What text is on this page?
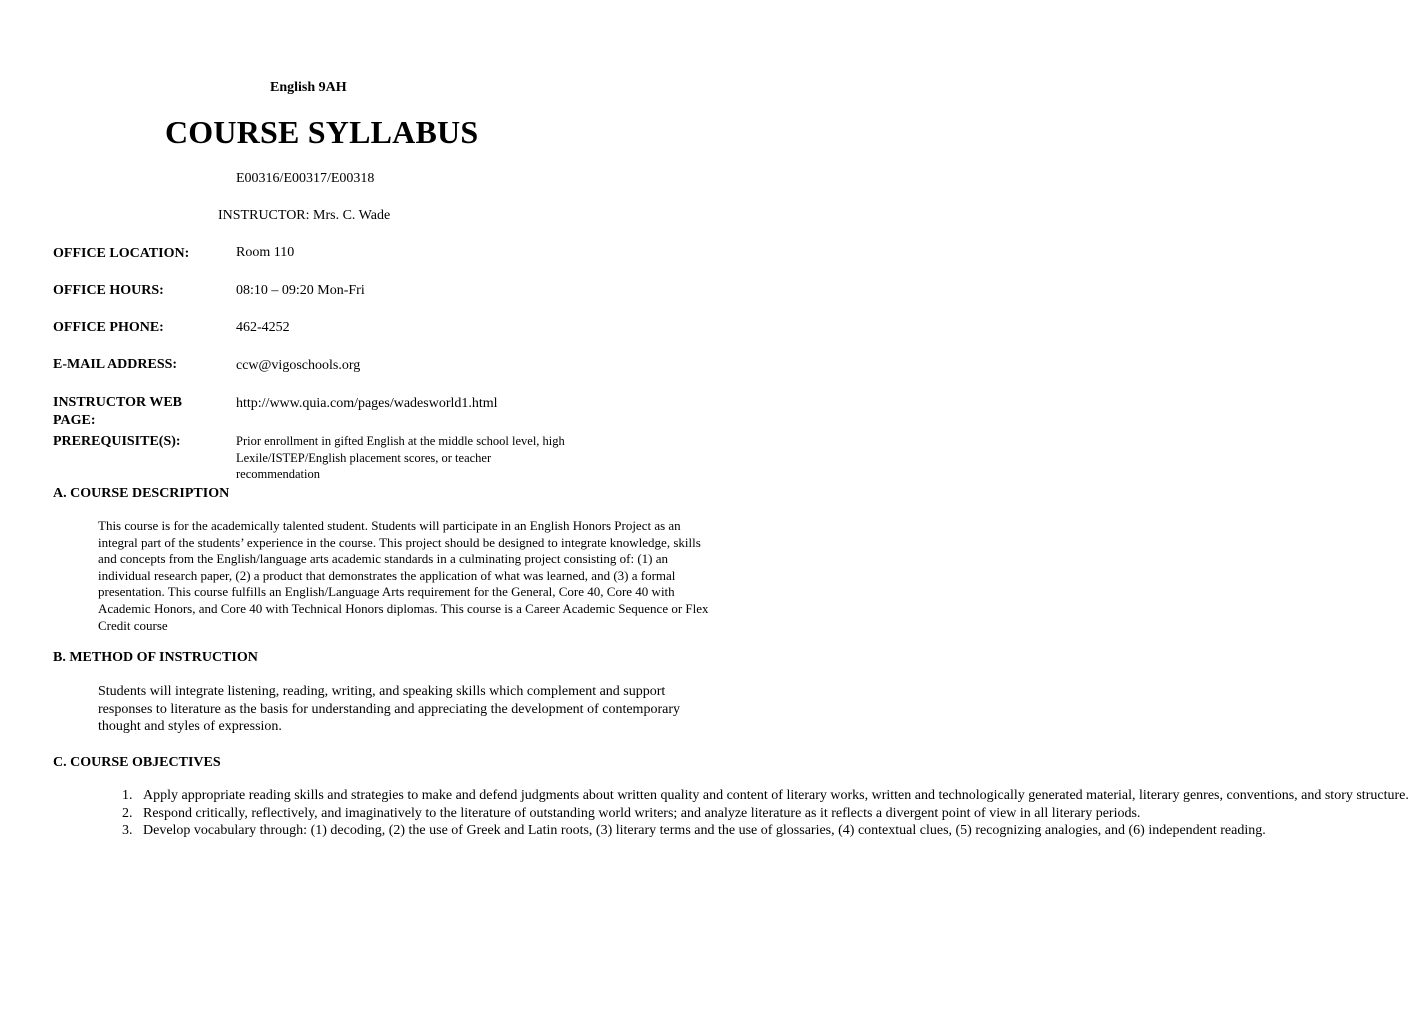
English 9AH
COURSE SYLLABUS
E00316/E00317/E00318
INSTRUCTOR: Mrs. C. Wade
OFFICE LOCATION:	Room 110
OFFICE HOURS:	08:10 – 09:20 Mon-Fri
OFFICE PHONE:	462-4252
E-MAIL ADDRESS:	ccw@vigoschools.org
INSTRUCTOR WEB
PAGE:
http://www.quia.com/pages/wadesworld1.html
PREREQUISITE(S):	Prior enrollment in gifted English at the middle school level, high Lexile/ISTEP/English placement scores, or teacher recommendation
A. COURSE DESCRIPTION
This course is for the academically talented student. Students will participate in an English Honors Project as an integral part of the students’ experience in the course. This project should be designed to integrate knowledge, skills and concepts from the English/language arts academic standards in a culminating project consisting of: (1) an individual research paper, (2) a product that demonstrates the application of what was learned, and (3) a formal presentation. This course fulfills an English/Language Arts requirement for the General, Core 40, Core 40 with Academic Honors, and Core 40 with Technical Honors diplomas. This course is a Career Academic Sequence or Flex Credit course
B. METHOD OF INSTRUCTION
Students will integrate listening, reading, writing, and speaking skills which complement and support responses to literature as the basis for understanding and appreciating the development of contemporary thought and styles of expression.
C. COURSE OBJECTIVES
1. Apply appropriate reading skills and strategies to make and defend judgments about written quality and content of literary works, written and technologically generated material, literary genres, conventions, and story structure.
2. Respond critically, reflectively, and imaginatively to the literature of outstanding world writers; and analyze literature as it reflects a divergent point of view in all literary periods.
3. Develop vocabulary through: (1) decoding, (2) the use of Greek and Latin roots, (3) literary terms and the use of glossaries, (4) contextual clues, (5) recognizing analogies, and (6) independent reading.
